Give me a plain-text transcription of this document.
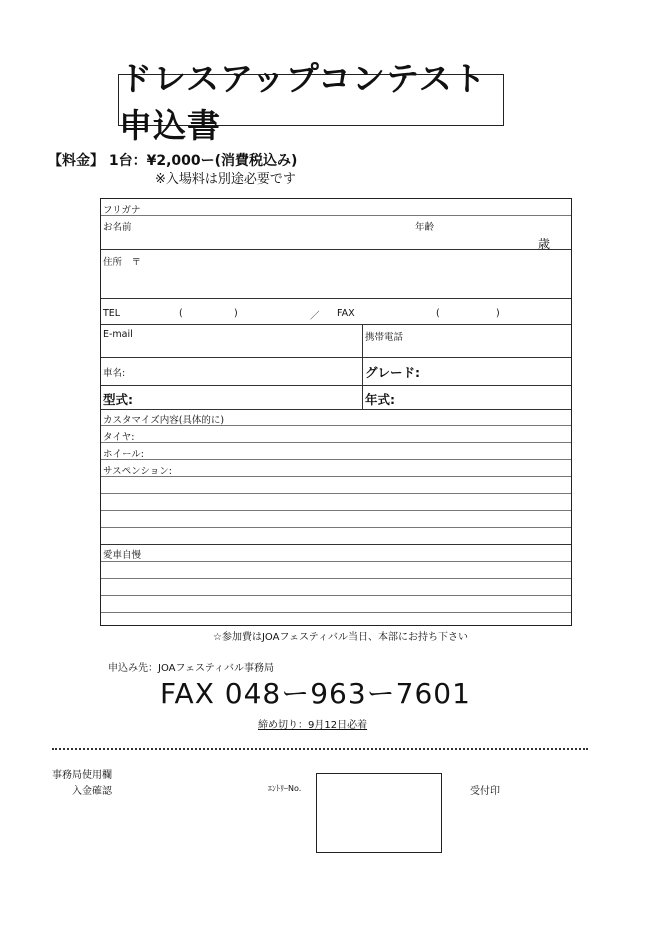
ドレスアップコンテスト申込書
【料金】 1台：¥2,000ー(消費税込み)
※入場料は別途必要です
フリガナ
お名前	年齢
歳
住所　〒
TEL	(	)	／ FAX	(	)
E-mail	携帯電話
車名:	グレード:
型式:	年式:
カスタマイズ内容(具体的に)
タイヤ:
ホイール:
サスペンション:
愛車自慢
☆参加費はJOAフェスティバル当日、本部にお持ち下さい
申込み先：JOAフェスティバル事務局
FAX 048ー963ー7601
締め切り：9月12日必着
事務局使用欄
入金確認	ｴﾝﾄﾘｰNo.	受付印
